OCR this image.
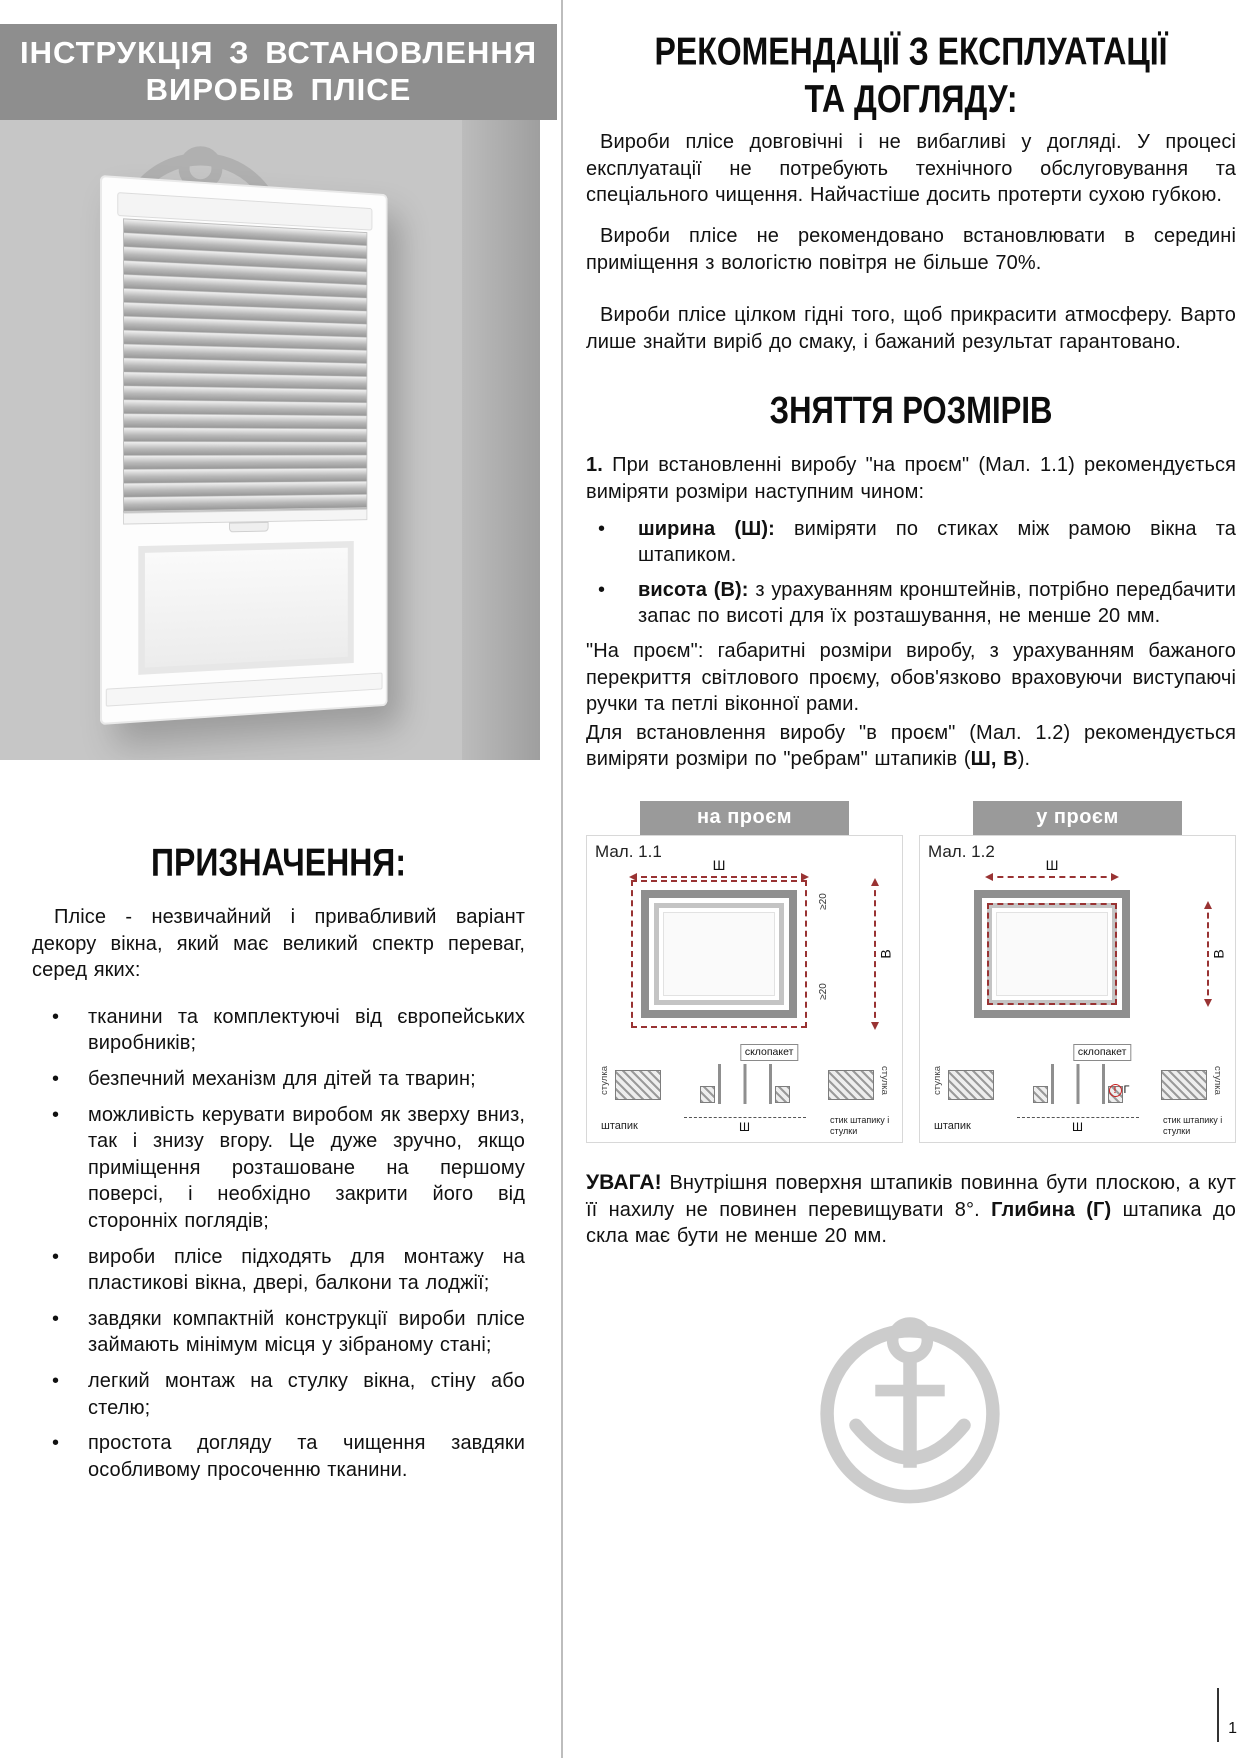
ІНСТРУКЦІЯ З ВСТАНОВЛЕННЯ
ВИРОБІВ ПЛІСЕ
ПРИЗНАЧЕННЯ:

Плісе - незвичайний і привабливий варіант декору вікна, який має великий спектр переваг, серед яких:

• тканини та комплектуючі від європейських виробників;
• безпечний механізм для дітей та тварин;
• можливість керувати виробом як зверху вниз, так і знизу вгору. Це дуже зручно, якщо приміщення розташоване на першому поверсі, і необхідно закрити його від сторонніх поглядів;
• вироби плісе підходять для монтажу на пластикові вікна, двері, балкони та лоджії;
• завдяки компактній конструкції вироби плісе займають мінімум місця у зібраному стані;
• легкий монтаж на стулку вікна, стіну або стелю;
• простота догляду та чищення завдяки особливому просоченню тканини.
РЕКОМЕНДАЦІЇ З ЕКСПЛУАТАЦІЇ
ТА ДОГЛЯДУ:

Вироби плісе довговічні і не вибагливі у догляді. У процесі експлуатації не потребують технічного обслуговування та спеціального чищення. Найчастіше досить протерти сухою губкою.

Вироби плісе не рекомендовано встановлювати в середині приміщення з вологістю повітря не більше 70%.

Вироби плісе цілком гідні того, щоб прикрасити атмосферу. Варто лише знайти виріб до смаку, і бажаний результат гарантовано.

ЗНЯТТЯ РОЗМІРІВ

1. При встановленні виробу "на проєм" (Мал. 1.1) рекомендується виміряти розміри наступним чином:

• ширина (Ш): виміряти по стиках між рамою вікна та штапиком.
• висота (В): з урахуванням кронштейнів, потрібно передбачити запас по висоті для їх розташування, не менше 20 мм.

"На проєм": габаритні розміри виробу, з урахуванням бажаного перекриття світлового проєму, обов'язково враховуючи виступаючі ручки та петлі віконної рами.

Для встановлення виробу "в проєм" (Мал. 1.2) рекомендується виміряти розміри по "ребрам" штапиків (Ш, В).

на проєм
Мал. 1.1
Ш
В
≥20
≥20
склопакет
стулка	стулка
штапик	Ш	стик штапику і стулки
у проєм
Мал. 1.2
Ш
В
склопакет
стулка	стулка
штапик
! Г
Ш	стик штапику і стулки

УВАГА! Внутрішня поверхня штапиків повинна бути плоскою, а кут її нахилу не повинен перевищувати 8°. Глибина (Г) штапика до скла має бути не менше 20 мм.

1
